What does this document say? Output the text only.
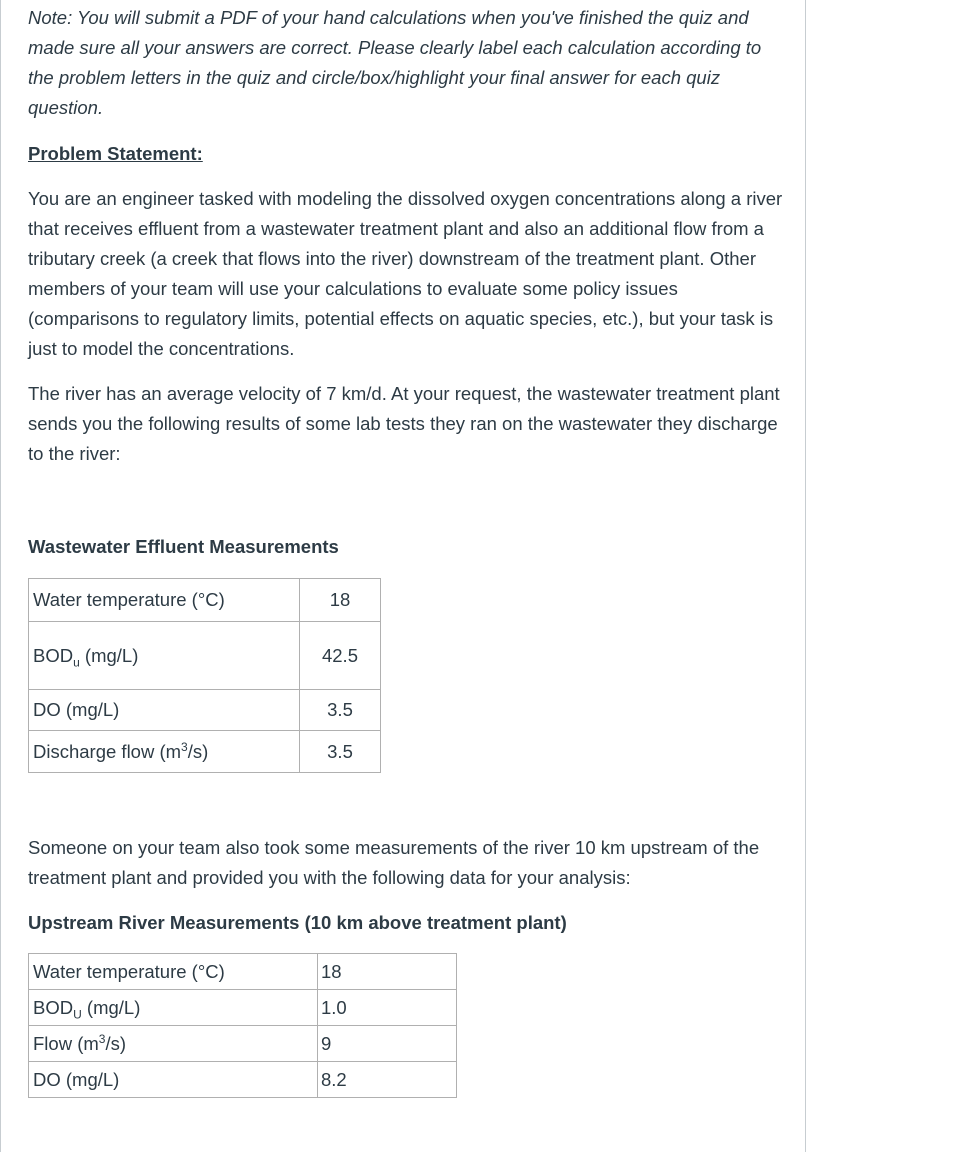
Note: You will submit a PDF of your hand calculations when you've finished the quiz and made sure all your answers are correct. Please clearly label each calculation according to the problem letters in the quiz and circle/box/highlight your final answer for each quiz question.

Problem Statement:

You are an engineer tasked with modeling the dissolved oxygen concentrations along a river that receives effluent from a wastewater treatment plant and also an additional flow from a tributary creek (a creek that flows into the river) downstream of the treatment plant. Other members of your team will use your calculations to evaluate some policy issues (comparisons to regulatory limits, potential effects on aquatic species, etc.), but your task is just to model the concentrations.

The river has an average velocity of 7 km/d. At your request, the wastewater treatment plant sends you the following results of some lab tests they ran on the wastewater they discharge to the river:

Wastewater Effluent Measurements

Water temperature (°C)	18
$BOD_u$ (mg/L)	42.5
DO (mg/L)	3.5
Discharge flow $(m^3/s)$	3.5

Someone on your team also took some measurements of the river 10 km upstream of the treatment plant and provided you with the following data for your analysis:

Upstream River Measurements (10 km above treatment plant)

Water temperature (°C)	18
$BOD_U$ (mg/L)	1.0
Flow $(m^3/s)$	9
DO (mg/L)	8.2
